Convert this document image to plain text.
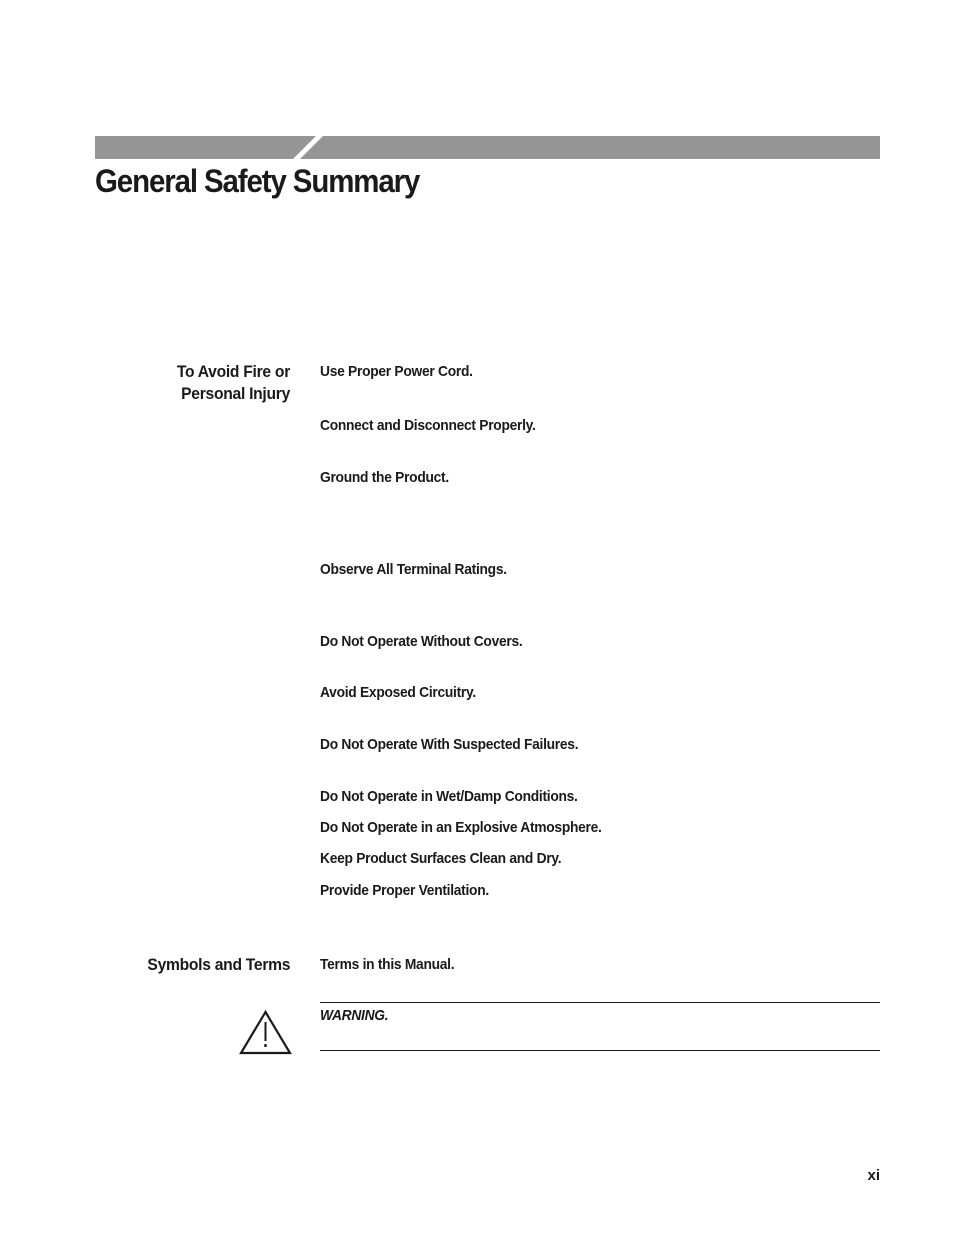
General Safety Summary
To Avoid Fire or
Personal Injury
Use Proper Power Cord.
Connect and Disconnect Properly.
Ground the Product.
Observe All Terminal Ratings.
Do Not Operate Without Covers.
Avoid Exposed Circuitry.
Do Not Operate With Suspected Failures.
Do Not Operate in Wet/Damp Conditions.
Do Not Operate in an Explosive Atmosphere.
Keep Product Surfaces Clean and Dry.
Provide Proper Ventilation.
Symbols and Terms Terms in this Manual.
WARNING.
xi
